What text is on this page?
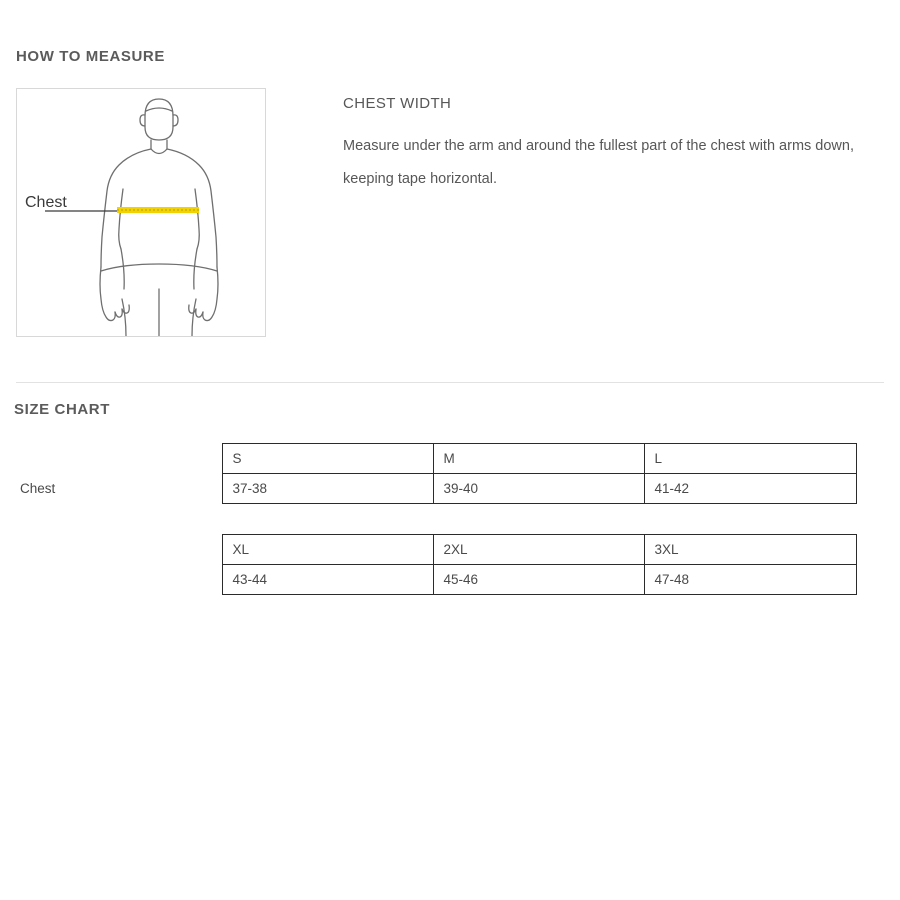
HOW TO MEASURE
Chest
CHEST WIDTH

Measure under the arm and around the fullest part of the chest with arms down, keeping tape horizontal.

SIZE CHART
	S	M	L
Chest	37-38	39-40	41-42

	XL	2XL	3XL
	43-44	45-46	47-48
